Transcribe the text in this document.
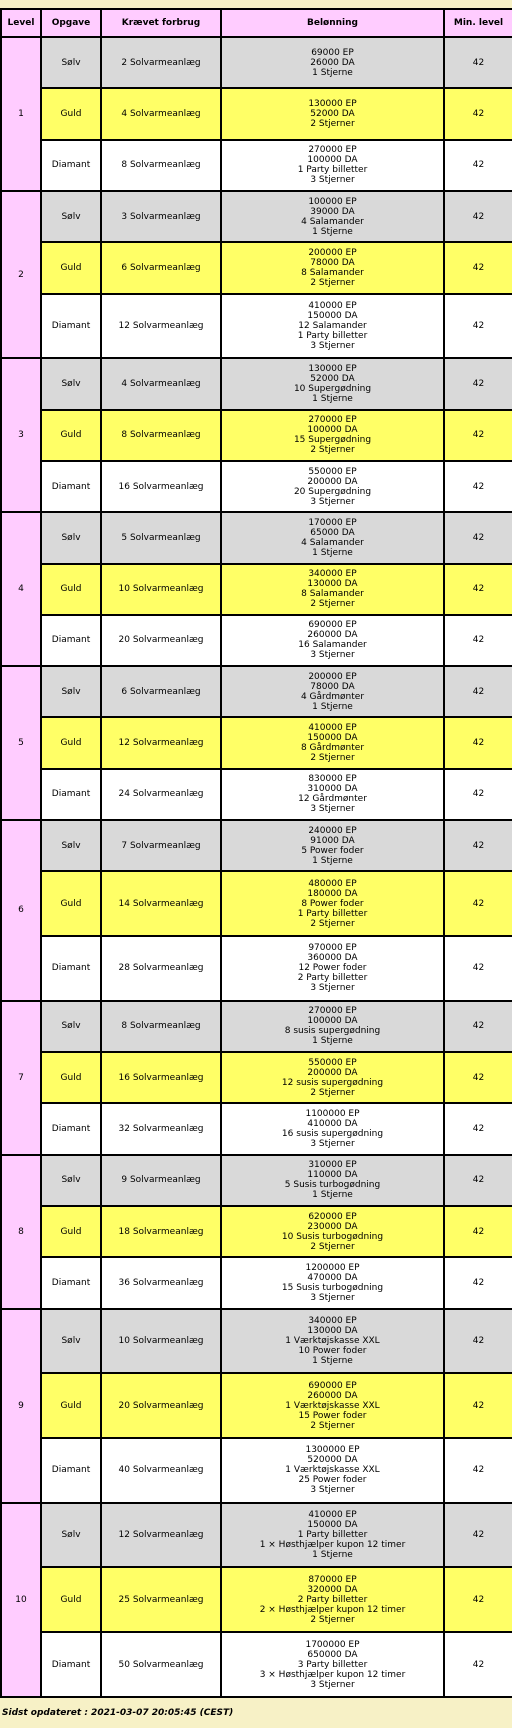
Level	Opgave	Krævet forbrug	Belønning	Min. level
1	Sølv	2 Solvarmeanlæg	69000 EP
26000 DA
1 Stjerne	42
	Guld	4 Solvarmeanlæg	130000 EP
52000 DA
2 Stjerner	42
	Diamant	8 Solvarmeanlæg	270000 EP
100000 DA
1 Party billetter
3 Stjerner	42
2	Sølv	3 Solvarmeanlæg	100000 EP
39000 DA
4 Salamander
1 Stjerne	42
	Guld	6 Solvarmeanlæg	200000 EP
78000 DA
8 Salamander
2 Stjerner	42
	Diamant	12 Solvarmeanlæg	410000 EP
150000 DA
12 Salamander
1 Party billetter
3 Stjerner	42
3	Sølv	4 Solvarmeanlæg	130000 EP
52000 DA
10 Supergødning
1 Stjerne	42
	Guld	8 Solvarmeanlæg	270000 EP
100000 DA
15 Supergødning
2 Stjerner	42
	Diamant	16 Solvarmeanlæg	550000 EP
200000 DA
20 Supergødning
3 Stjerner	42
4	Sølv	5 Solvarmeanlæg	170000 EP
65000 DA
4 Salamander
1 Stjerne	42
	Guld	10 Solvarmeanlæg	340000 EP
130000 DA
8 Salamander
2 Stjerner	42
	Diamant	20 Solvarmeanlæg	690000 EP
260000 DA
16 Salamander
3 Stjerner	42
5	Sølv	6 Solvarmeanlæg	200000 EP
78000 DA
4 Gårdmønter
1 Stjerne	42
	Guld	12 Solvarmeanlæg	410000 EP
150000 DA
8 Gårdmønter
2 Stjerner	42
	Diamant	24 Solvarmeanlæg	830000 EP
310000 DA
12 Gårdmønter
3 Stjerner	42
6	Sølv	7 Solvarmeanlæg	240000 EP
91000 DA
5 Power foder
1 Stjerne	42
	Guld	14 Solvarmeanlæg	480000 EP
180000 DA
8 Power foder
1 Party billetter
2 Stjerner	42
	Diamant	28 Solvarmeanlæg	970000 EP
360000 DA
12 Power foder
2 Party billetter
3 Stjerner	42
7	Sølv	8 Solvarmeanlæg	270000 EP
100000 DA
8 susis supergødning
1 Stjerne	42
	Guld	16 Solvarmeanlæg	550000 EP
200000 DA
12 susis supergødning
2 Stjerner	42
	Diamant	32 Solvarmeanlæg	1100000 EP
410000 DA
16 susis supergødning
3 Stjerner	42
8	Sølv	9 Solvarmeanlæg	310000 EP
110000 DA
5 Susis turbogødning
1 Stjerne	42
	Guld	18 Solvarmeanlæg	620000 EP
230000 DA
10 Susis turbogødning
2 Stjerner	42
	Diamant	36 Solvarmeanlæg	1200000 EP
470000 DA
15 Susis turbogødning
3 Stjerner	42
9	Sølv	10 Solvarmeanlæg	340000 EP
130000 DA
1 Værktøjskasse XXL
10 Power foder
1 Stjerne	42
	Guld	20 Solvarmeanlæg	690000 EP
260000 DA
1 Værktøjskasse XXL
15 Power foder
2 Stjerner	42
	Diamant	40 Solvarmeanlæg	1300000 EP
520000 DA
1 Værktøjskasse XXL
25 Power foder
3 Stjerner	42
10	Sølv	12 Solvarmeanlæg	410000 EP
150000 DA
1 Party billetter
1 × Høsthjælper kupon 12 timer
1 Stjerne	42
	Guld	25 Solvarmeanlæg	870000 EP
320000 DA
2 Party billetter
2 × Høsthjælper kupon 12 timer
2 Stjerner	42
	Diamant	50 Solvarmeanlæg	1700000 EP
650000 DA
3 Party billetter
3 × Høsthjælper kupon 12 timer
3 Stjerner	42
Sidst opdateret : 2021-03-07 20:05:45 (CEST)
